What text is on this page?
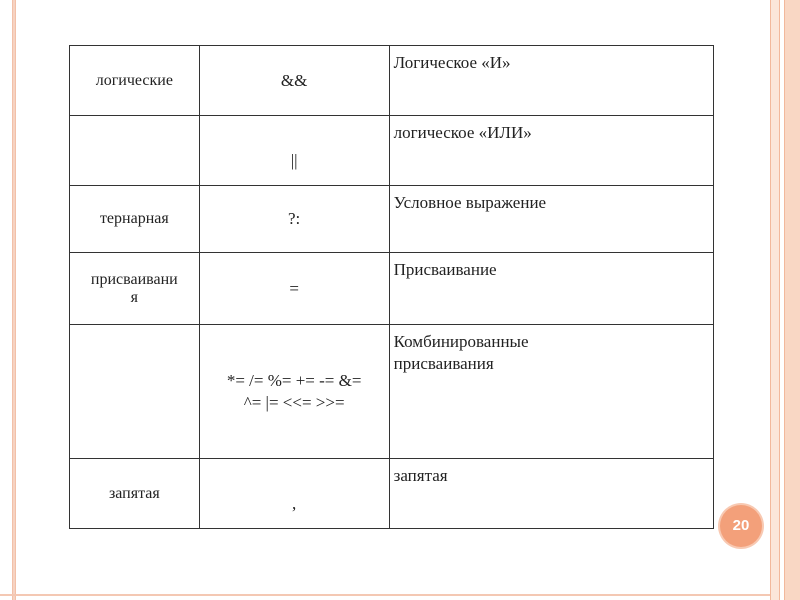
логические	&&	Логическое «И»

	||	логическое «ИЛИ»

тернарная	?:	Условное выражение

присваивани
я	=	Присваивание

	*= /= %= += -= &=
^= |= <<= >>=	Комбинированные
присваивания

запятая	,	запятая
20
